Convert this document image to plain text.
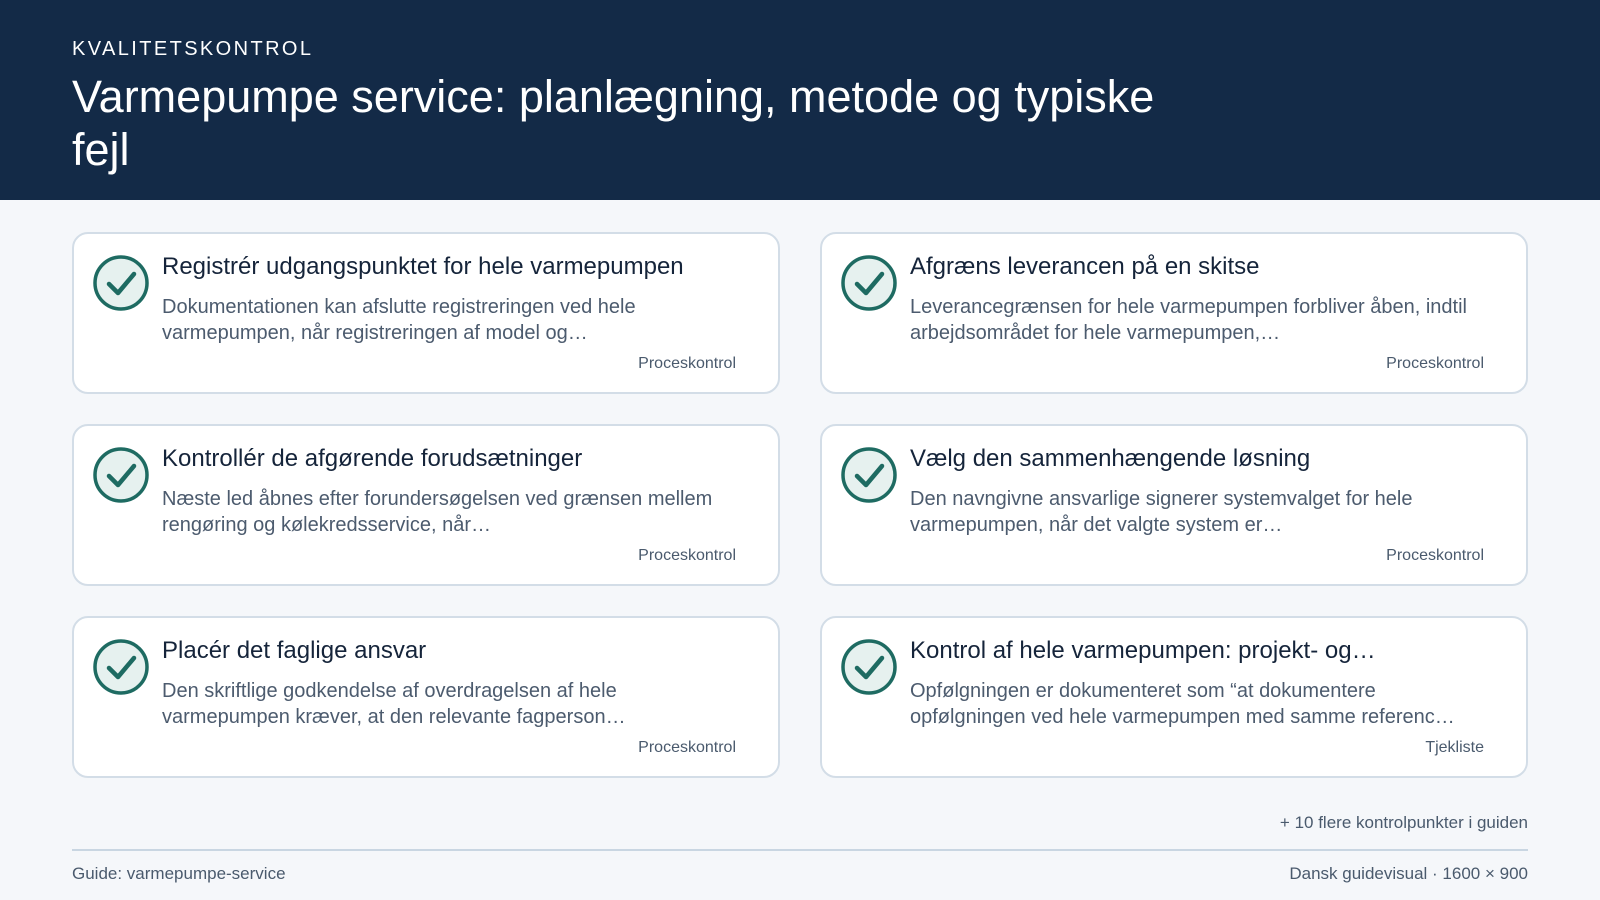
KVALITETSKONTROL
Varmepumpe service: planlægning, metode og typiske fejl
Registrér udgangspunktet for hele varmepumpen
Dokumentationen kan afslutte registreringen ved hele varmepumpen, når registreringen af model og…
Proceskontrol
Afgræns leverancen på en skitse
Leverancegrænsen for hele varmepumpen forbliver åben, indtil arbejdsområdet for hele varmepumpen,…
Proceskontrol
Kontrollér de afgørende forudsætninger
Næste led åbnes efter forundersøgelsen ved grænsen mellem rengøring og kølekredsservice, når…
Proceskontrol
Vælg den sammenhængende løsning
Den navngivne ansvarlige signerer systemvalget for hele varmepumpen, når det valgte system er…
Proceskontrol
Placér det faglige ansvar
Den skriftlige godkendelse af overdragelsen af hele varmepumpen kræver, at den relevante fagperson…
Proceskontrol
Kontrol af hele varmepumpen: projekt- og…
Opfølgningen er dokumenteret som “at dokumentere opfølgningen ved hele varmepumpen med samme referenc…
Tjekliste
+ 10 flere kontrolpunkter i guiden
Guide: varmepumpe-service	Dansk guidevisual · 1600 × 900
